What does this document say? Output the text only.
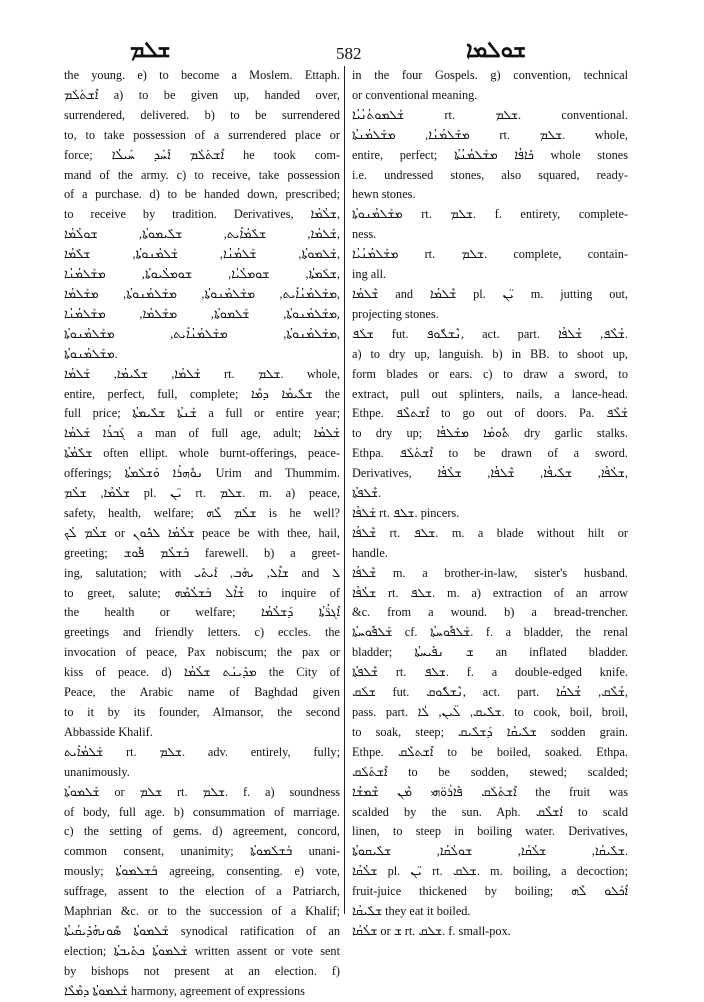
ܫܠܡ	582	ܫܘܠܡܐ
the young. e) to become a Moslem. Ettaph.
ܐܶܫܬܰܠܰܡ a) to be given up, handed over,
surrendered, delivered. b) to be surrendered
to, to take possession of a surrendered place or
force; ܐܶܫܬܰܠܰܡ ܐܺܚܰܕ ܚܰܝܠܳܐ he took com-
mand of the army. c) to receive, take possession
of a purchase. d) to be handed down, prescribed;
to receive by tradition. Derivatives, ܫܠܳܡܳܐ,
ܫܰܠܡܳܐ, ܫܠܺܡܳܐܺܝܬ, ܫܠܺܝܡܘܬܳܐ, ܫܘܠܳܡܳܐ,
ܫܰܠܡܘܬܳܐ, ܫܰܠܡܳܢܳܐ, ܫܰܠܡܳܢܘܬܳܐ, ܫܠܺܡܳܐ,
ܫܠܰܡܬܳܐ, ܫܘܡܠܳܝܳܐ, ܫܘܡܠܳܝܘܬܳܐ, ܡܫܰܠܡܳܢܳܐ,
ܡܫܰܠܡܳܢܳܐܺܝܬ, ܡܫܰܠܡܳܢܘܬܳܐ, ܡܫܰܠܡܳܢܘܬܳܐ, ܡܫܰܠܡܳܐ,
ܡܫܰܠܡܳܢܘܬܳܐ, ܫܰܠܡܘܬܳܐ, ܡܫܰܠܡܳܐ, ܡܫܰܠܡܳܢܳܐ,
ܡܫܰܠܡܳܢܘܬܳܐ, ܡܫܰܠܡܳܢܳܐܺܝܬ, ܡܫܰܠܡܳܢܘܬܳܐ,
ܡܫܰܠܡܳܢܘܬܳܐ.
ܫܰܠܡܳܐ, ܫܠܺܝܡܳܐ, ܫܰܠܡܳܐ rt. ܫܠܡ. whole,
entire, perfect, full, complete; ܫܠܺܝܡܳܐ ܕܡܶܐ the
full price; ܫܰܢܬܳܐ ܫܠܺܝܡܬܳܐ a full or entire year;
ܓܰܒܪܳܐ ܫܰܠܡܳܐ a man of full age, adult; ܫܰܠܡܳܐ
ܫܠܺܡܳܬܳܐ often ellipt. whole burnt-offerings, peace-
offerings; ܢܘܽܗܪܳܐ ܘܰܫܠܰܡܬܳܐ Urim and Thummim.
ܫܠܳܡܳܐ, ܫܠܳܡ pl. ܝ̈ܢ rt. ܫܠܡ. m. a) peace,
safety, health, welfare; ܫܠܳܡ ܠܶܗ is he well?
ܫܠܳܡ ܠܳܟ or ܫܠܳܡܳܐ ܠܟܽܘܢ peace be with thee, hail,
greeting; ܒܰܫܠܳܡ ܦܽܘܫ farewell. b) a greet-
ing, salutation; with ܫܐܶܠ, ܝܗܰܒ, ܐܰܝܬܺܝ and ܠ
to greet, salute; ܫܳܐܶܠ ܒܰܫܠܳܡܶܗ to inquire of
the health or welfare; ܐܶܓܪ̈ܳܬܳܐ ܕܰܫܠܳܡܳܐ
greetings and friendly letters. c) eccles. the
invocation of peace, Pax nobiscum; the pax or
kiss of peace. d) ܡܕܺܝܢܰܬ ܫܠܳܡܳܐ the City of
Peace, the Arabic name of Baghdad given
to it by its founder, Almansor, the second
Abbasside Khalif.
ܫܰܠܡܳܐܺܝܬ rt. ܫܠܡ. adv. entirely, fully;
unanimously.
ܫܰܠܡܘܬܳܐ or ܫܠܡ rt. ܫܠܡ. f. a) soundness
of body, full age. b) consummation of marriage.
c) the setting of gems. d) agreement, concord,
common consent, unanimity; ܒܰܫܠܰܡܘܬܳܐ unani-
mously; ܒܰܫܠܡܘܬܳܐ agreeing, consenting. e) vote,
suffrage, assent to the election of a Patriarch,
Maphrian &c. or to the succession of a Khalif;
ܫܰܠܡܘܬܳܐ ܣܽܘܢܗܳܕܺܝܩܳܝܬܳܐ synodical ratification of an
election; ܫܰܠܡܘܬܳܐ ܟܬܺܝܒܬܳܐ written assent or vote sent
by bishops not present at an election. f)
ܫܰܠܡܘܬܳܐ ܕܡܶܠܶܐ harmony, agreement of expressions
in the four Gospels. g) convention, technical
or conventional meaning.
ܫܰܠܡܘܬܳܢܳܝܳܐ rt. ܫܠܡ. conventional.
ܡܫܰܠܡܳܢܳܐ, ܡܫܰܠܡܳܢܬܳܐ rt. ܫܠܡ. whole,
entire, perfect; ܟܺܐܦܳܐ ܡܫܰܠܡܳܢܳܬܳܐ whole stones
i.e. undressed stones, also squared, ready-
hewn stones.
ܡܫܰܠܡܳܢܘܬܳܐ rt. ܫܠܡ. f. entirety, complete-
ness.
ܡܫܰܠܡܳܢܳܝܳܐ rt. ܫܠܡ. complete, contain-
ing all.
ܫܶܠܡܳܐ and ܫܶܠܡܳܐ pl. ܝ̈ܢ m. jutting out,
projecting stones.
ܫܠܰܦ fut. ܢܶܫܠܽܘܦ, act. part. ܫܳܠܶܦ, ܫܳܠܦܳܐ.
a) to dry up, languish. b) in BB. to shoot up,
form blades or ears. c) to draw a sword, to
extract, pull out splinters, nails, a lance-head.
Ethpe. ܐܶܫܬܠܶܦ to go out of doors. Pa. ܫܰܠܶܦ
to dry up; ܬܽܘܡܳܐ ܡܫܰܠܦܳܐ dry garlic stalks.
Ethpa. ܐܶܫܬܰܠܰܦ to be drawn of a sword.
Derivatives, ܫܠܳܦܳܐ, ܫܠܺܝܦܳܐ, ܫܶܠܦܳܐ, ܫܠܳܦܳܐ,
ܫܶܠܦܬܳܐ.
ܫܰܠܦܳܐ rt. ܫܠܦ. pincers.
ܫܶܠܦܳܐ rt. ܫܠܦ. m. a blade without hilt or
handle.
ܫܶܠܦܳܐ m. a brother-in-law, sister's husband.
ܫܠܳܦܳܐ rt. ܫܠܦ. m. a) extraction of an arrow
&c. from a wound. b) a bread-trencher.
ܫܰܠܦܽܘܚܬܳܐ cf. ܫܰܠܦܽܘܚܬܳܐ. f. a bladder, the renal
bladder; ܫ ܢܦܺܝܚܬܳܐ an inflated bladder.
ܫܶܠܦܬܳܐ rt. ܫܠܦ. f. a double-edged knife.
ܫܠܰܩ fut. ܢܶܫܠܽܘܩ, act. part. ܫܳܠܶܩ, ܫܳܠܩܳܐ,
pass. part. ܫܠܺܝܩ, ܠ̈ܝܢ, ܠܳܐ. to cook, boil, broil,
to soak, steep; ܫܠܺܝܩܳܐ ܕܰܫܠܺܝܩ sodden grain.
Ethpe. ܐܶܫܬܠܶܩ to be boiled, soaked. Ethpa.
ܐܶܫܬܰܠܰܩ to be sodden, stewed; scalded;
ܐܶܫܬܰܠܰܩ ܦܺܐܪܰܘ̈ܗܝ ܡܶܢ ܫܶܡܫܳܐ the fruit was
scalded by the sun. Aph. ܐܰܫܠܶܩ to scald
linen, to steep in boiling water. Derivatives,
ܫܠܺܝܩܳܐ, ܫܠܳܩܳܐ, ܫܘܠܳܩܳܐ, ܫܠܺܝܩܘܬܳܐ.
ܫܠܳܩܳܐ pl. ܝ̈ܢ rt. ܫܠܩ. m. boiling, a decoction;
fruit-juice thickened by boiling; ܐܶܟܰܠܘ ܠܶܗ
ܫܠܺܝܩܳܐ they eat it boiled.
ܫܠܳܩܳܐ or ܫ rt. ܫܠܩ. f. small-pox.
